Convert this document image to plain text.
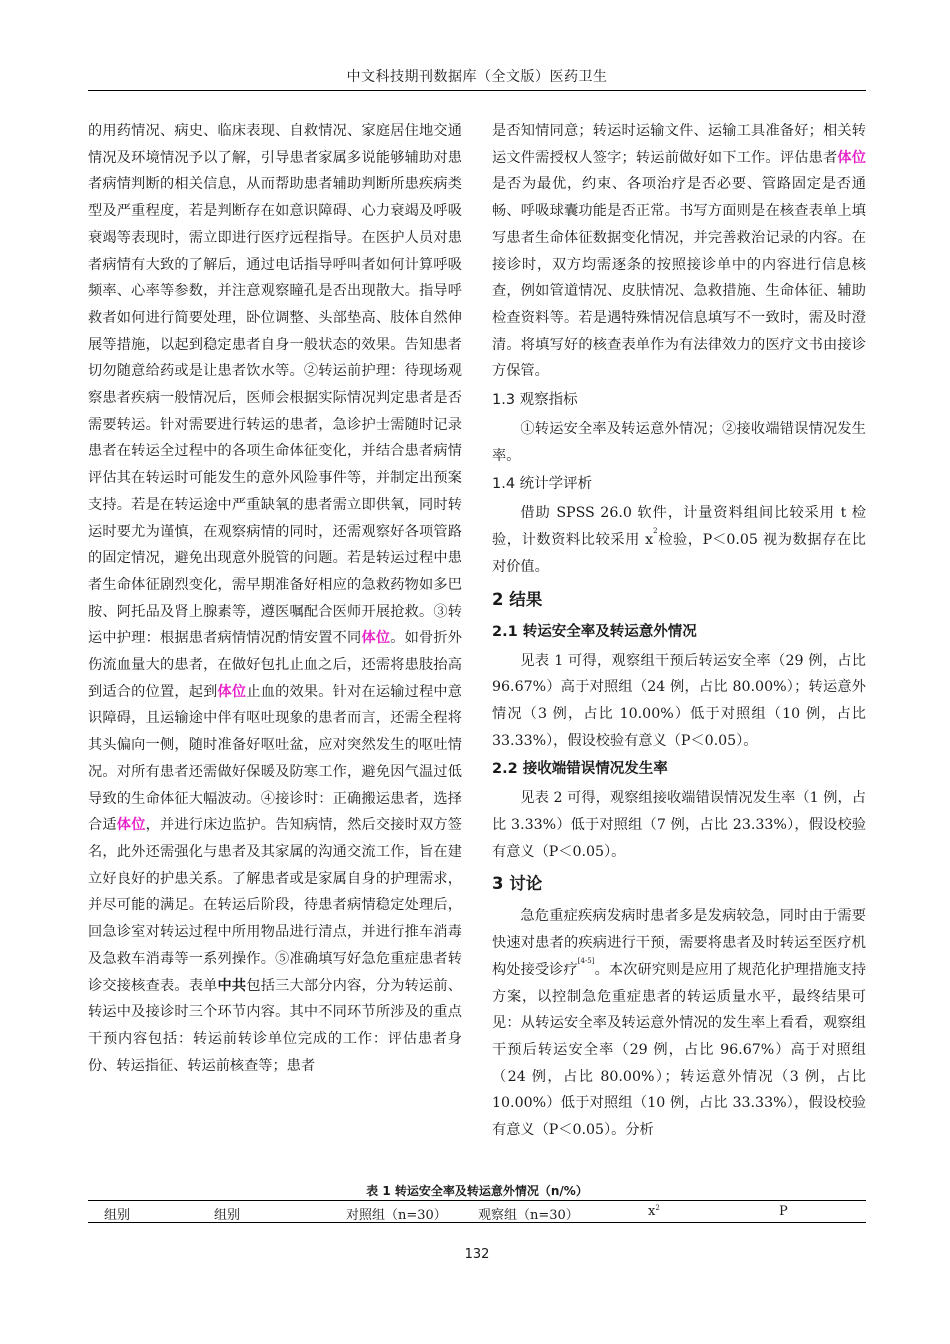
中文科技期刊数据库（全文版）医药卫生

的用药情况、病史、临床表现、自救情况、家庭居住地交通情况及环境情况予以了解，引导患者家属多说能够辅助对患者病情判断的相关信息，从而帮助患者辅助判断所患疾病类型及严重程度，若是判断存在如意识障碍、心力衰竭及呼吸衰竭等表现时，需立即进行医疗远程指导。在医护人员对患者病情有大致的了解后，通过电话指导呼叫者如何计算呼吸频率、心率等参数，并注意观察瞳孔是否出现散大。指导呼救者如何进行简要处理，卧位调整、头部垫高、肢体自然伸展等措施，以起到稳定患者自身一般状态的效果。告知患者切勿随意给药或是让患者饮水等。②转运前护理：待现场观察患者疾病一般情况后，医师会根据实际情况判定患者是否需要转运。针对需要进行转运的患者，急诊护士需随时记录患者在转运全过程中的各项生命体征变化，并结合患者病情评估其在转运时可能发生的意外风险事件等，并制定出预案支持。若是在转运途中严重缺氧的患者需立即供氧，同时转运时要尤为谨慎，在观察病情的同时，还需观察好各项管路的固定情况，避免出现意外脱管的问题。若是转运过程中患者生命体征剧烈变化，需早期准备好相应的急救药物如多巴胺、阿托品及肾上腺素等，遵医嘱配合医师开展抢救。③转运中护理：根据患者病情情况酌情安置不同体位。如骨折外伤流血量大的患者，在做好包扎止血之后，还需将患肢抬高到适合的位置，起到体位止血的效果。针对在运输过程中意识障碍，且运输途中伴有呕吐现象的患者而言，还需全程将其头偏向一侧，随时准备好呕吐盆，应对突然发生的呕吐情况。对所有患者还需做好保暖及防寒工作，避免因气温过低导致的生命体征大幅波动。④接诊时：正确搬运患者，选择合适体位，并进行床边监护。告知病情，然后交接时双方签名，此外还需强化与患者及其家属的沟通交流工作，旨在建立好良好的护患关系。了解患者或是家属自身的护理需求，并尽可能的满足。在转运后阶段，待患者病情稳定处理后，回急诊室对转运过程中所用物品进行清点，并进行推车消毒及急救车消毒等一系列操作。⑤准确填写好急危重症患者转诊交接核查表。表单中共包括三大部分内容，分为转运前、转运中及接诊时三个环节内容。其中不同环节所涉及的重点干预内容包括：转运前转诊单位完成的工作：评估患者身份、转运指征、转运前核查等；患者

是否知情同意；转运时运输文件、运输工具准备好；相关转运文件需授权人签字；转运前做好如下工作。评估患者体位是否为最优，约束、各项治疗是否必要、管路固定是否通畅、呼吸球囊功能是否正常。书写方面则是在核查表单上填写患者生命体征数据变化情况，并完善救治记录的内容。在接诊时，双方均需逐条的按照接诊单中的内容进行信息核查，例如管道情况、皮肤情况、急救措施、生命体征、辅助检查资料等。若是遇特殊情况信息填写不一致时，需及时澄清。将填写好的核查表单作为有法律效力的医疗文书由接诊方保管。

1.3 观察指标

①转运安全率及转运意外情况；②接收端错误情况发生率。

1.4 统计学评析

借助 SPSS 26.0 软件，计量资料组间比较采用 t 检验，计数资料比较采用 $x^2$检验，P＜0.05 视为数据存在比对价值。

2 结果
2.1 转运安全率及转运意外情况

见表 1 可得，观察组干预后转运安全率（29 例，占比 96.67%）高于对照组（24 例，占比 80.00%）；转运意外情况（3 例，占比 10.00%）低于对照组（10 例，占比 33.33%），假设校验有意义（P＜0.05）。

2.2 接收端错误情况发生率

见表 2 可得，观察组接收端错误情况发生率（1 例，占比 3.33%）低于对照组（7 例，占比 23.33%），假设校验有意义（P＜0.05）。

3 讨论

急危重症疾病发病时患者多是发病较急，同时由于需要快速对患者的疾病进行干预，需要将患者及时转运至医疗机构处接受诊疗[4-5]。本次研究则是应用了规范化护理措施支持方案，以控制急危重症患者的转运质量水平，最终结果可见：从转运安全率及转运意外情况的发生率上看看，观察组干预后转运安全率（29 例，占比 96.67%）高于对照组（24 例，占比 80.00%）；转运意外情况（3 例，占比 10.00%）低于对照组（10 例，占比 33.33%），假设校验有意义（P＜0.05）。分析

表 1 转运安全率及转运意外情况（n/%）
组别	组别	对照组（n=30） 观察组（n=30）	$x^2$	P
132
